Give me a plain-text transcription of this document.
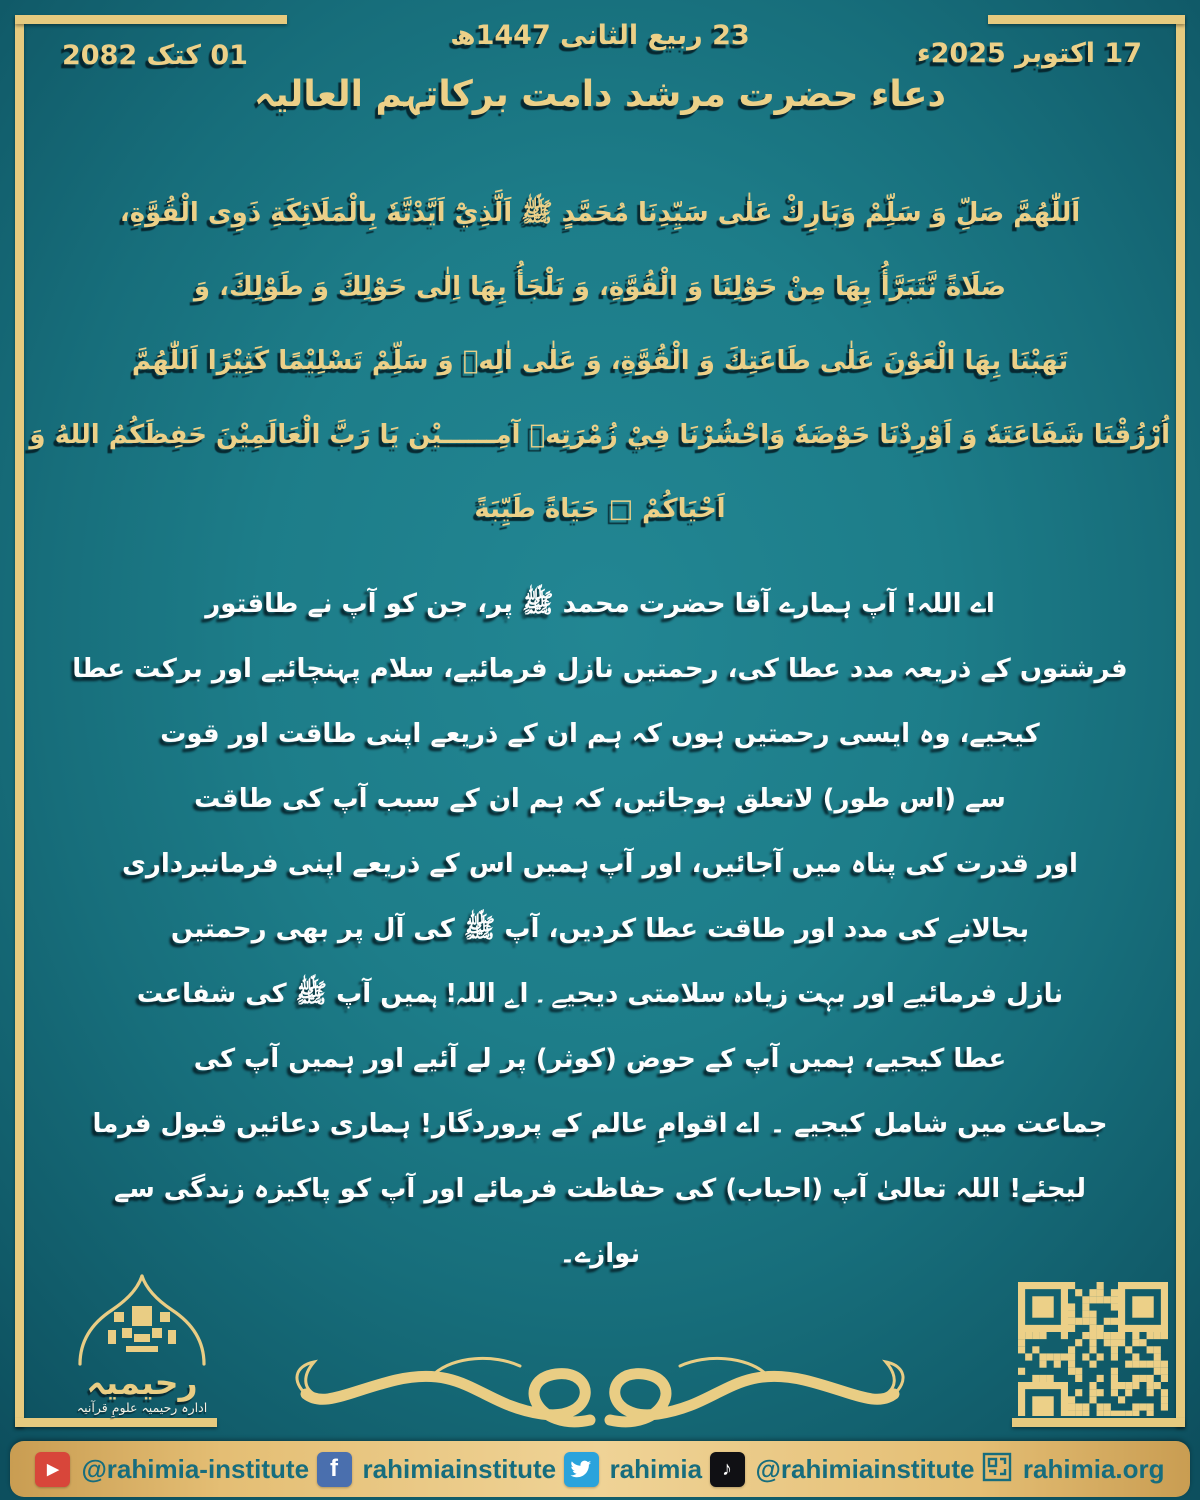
01 کتک 2082
23 ربیع الثانی 1447ھ
17 اکتوبر 2025ء
دعاء حضرت مرشد دامت برکاتہم العالیہ
اَللّٰهُمَّ صَلِّ وَ سَلِّمْ وَبَارِكْ عَلٰى سَيِّدِنَا مُحَمَّدٍ ﷺ اَلَّذِيْٓ اَيَّدْتَّهٗ بِالْمَلَائِكَةِ ذَوِی الْقُوَّةِ،
صَلَاةً نَّتَبَرَّأُ بِهَا مِنْ حَوْلِنَا وَ الْقُوَّةِ، وَ نَلْجَأُ بِهَا اِلٰى حَوْلِكَ وَ طَوْلِكَ، وَ
تَهَبْنَا بِهَا الْعَوْنَ عَلٰى طَاعَتِكَ وَ الْقُوَّةِ، وَ عَلٰى اٰلِهٖ وَ سَلِّمْ تَسْلِيْمًا كَثِيْرًا اَللّٰهُمَّ
اُرْزُقْنَا شَفَاعَتَهٗ وَ اَوْرِدْنَا حَوْضَهٗ وَاحْشُرْنَا فِيْ زُمْرَتِهٖ آمِــــــيْن يَا رَبَّ الْعَالَمِيْنَ حَفِظَكُمُ اللهُ وَ
اَحْيَاكُمْ □ حَيَاةً طَيِّبَةً
اے اللہ! آپ ہمارے آقا حضرت محمد ﷺ پر، جن کو آپ نے طاقتور
فرشتوں کے ذریعہ مدد عطا کی، رحمتیں نازل فرمائیے، سلام پہنچائیے اور برکت عطا
کیجیے، وہ ایسی رحمتیں ہوں کہ ہم ان کے ذریعے اپنی طاقت اور قوت
سے (اس طور) لاتعلق ہوجائیں، کہ ہم ان کے سبب آپ کی طاقت
اور قدرت کی پناہ میں آجائیں، اور آپ ہمیں اس کے ذریعے اپنی فرمانبرداری
بجالانے کی مدد اور طاقت عطا کردیں، آپ ﷺ کی آل پر بھی رحمتیں
نازل فرمائیے اور بہت زیادہ سلامتی دیجیے ۔ اے اللہ! ہمیں آپ ﷺ کی شفاعت
عطا کیجیے، ہمیں آپ کے حوض (کوثر) پر لے آئیے اور ہمیں آپ کی
جماعت میں شامل کیجیے ۔ اے اقوامِ عالم کے پروردگار! ہماری دعائیں قبول فرما
لیجئے! اللہ تعالیٰ آپ (احباب) کی حفاظت فرمائے اور آپ کو پاکیزہ زندگی سے
نوازے۔
رحیمیہ
ادارہ رحیمیہ علومِ قرآنیہ
▶ @rahimia-institute f rahimiainstitute rahimia ♪ @rahimiainstitute rahimia.org
